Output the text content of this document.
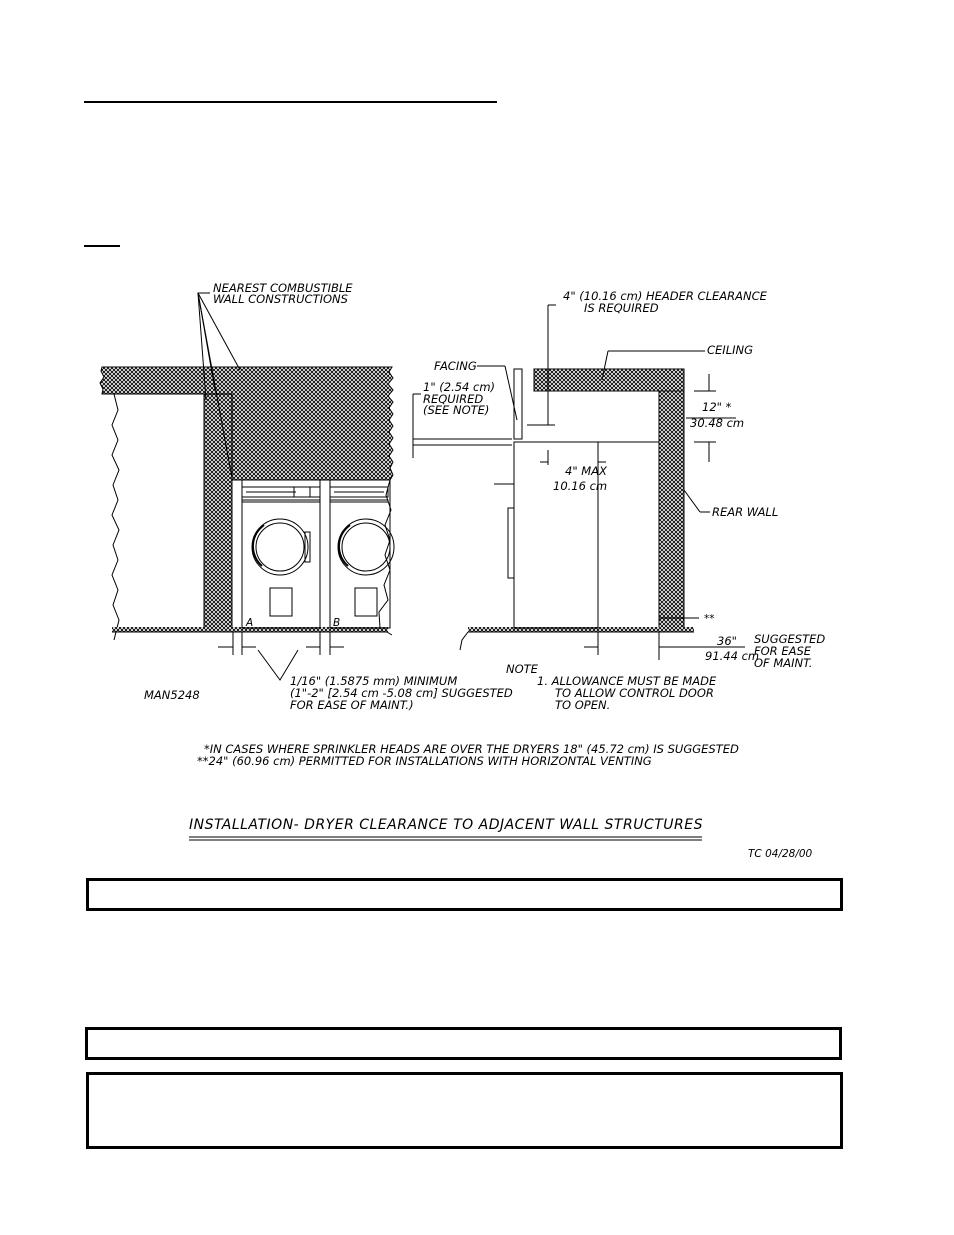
A	B
NEAREST COMBUSTIBLE
WALL CONSTRUCTIONS	4" (10.16 cm) HEADER CLEARANCE
IS REQUIRED
CEILING
FACING
1" (2.54 cm)
REQUIRED
(SEE NOTE)	12" *
30.48 cm
4" MAX
10.16 cm
REAR WALL
**
36"
91.44 cm
SUGGESTED
FOR EASE
OF MAINT.
1/16" (1.5875 mm) MINIMUM
(1"-2" [2.54 cm -5.08 cm] SUGGESTED
FOR EASE OF MAINT.)
MAN5248
NOTE
1. ALLOWANCE MUST BE MADE
TO ALLOW CONTROL DOOR
TO OPEN.
*IN CASES WHERE SPRINKLER HEADS ARE OVER THE DRYERS 18" (45.72 cm) IS SUGGESTED
**24" (60.96 cm) PERMITTED FOR INSTALLATIONS WITH HORIZONTAL VENTING
INSTALLATION- DRYER CLEARANCE TO ADJACENT WALL STRUCTURES
TC 04/28/00
